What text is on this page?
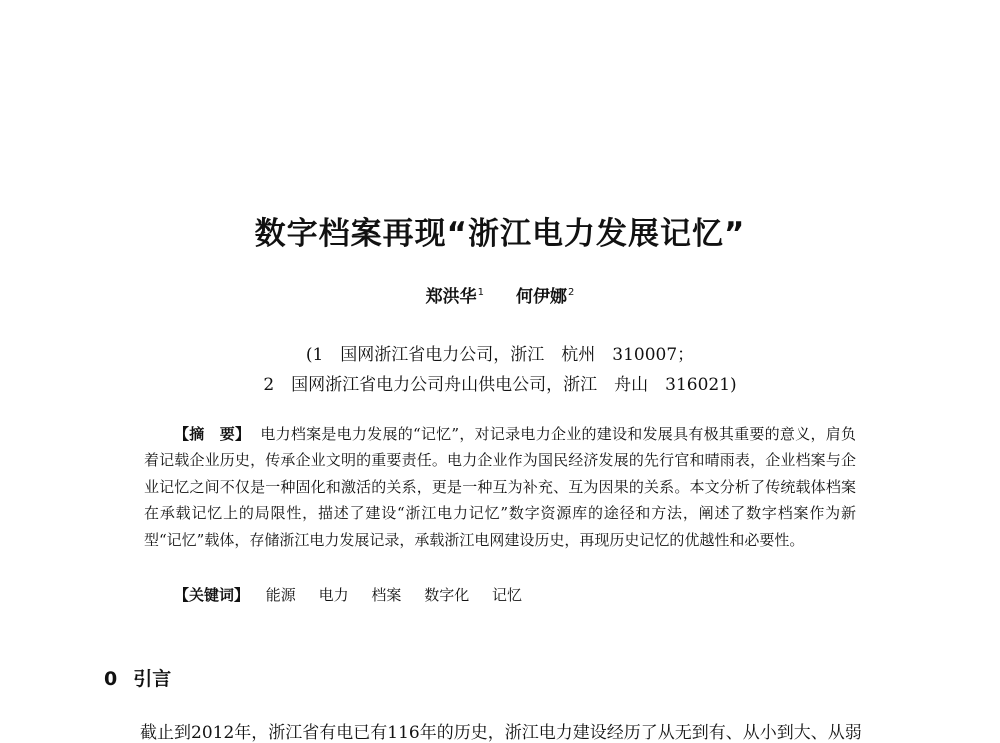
数字档案再现“浙江电力发展记忆”
郑洪华$^1$ 何伊娜$^2$
(1　国网浙江省电力公司，浙江　杭州　310007；
2　国网浙江省电力公司舟山供电公司，浙江　舟山　316021)
【摘　要】 电力档案是电力发展的“记忆”，对记录电力企业的建设和发展具有极其重要的意义，肩负着记载企业历史，传承企业文明的重要责任。电力企业作为国民经济发展的先行官和晴雨表，企业档案与企业记忆之间不仅是一种固化和激活的关系，更是一种互为补充、互为因果的关系。本文分析了传统载体档案在承载记忆上的局限性，描述了建设“浙江电力记忆”数字资源库的途径和方法，阐述了数字档案作为新型“记忆”载体，存储浙江电力发展记录，承载浙江电网建设历史，再现历史记忆的优越性和必要性。
【关键词】 能源 电力 档案 数字化 记忆
0 引言
截止到2012年，浙江省有电已有116年的历史，浙江电力建设经历了从无到有、从小到大、从弱
